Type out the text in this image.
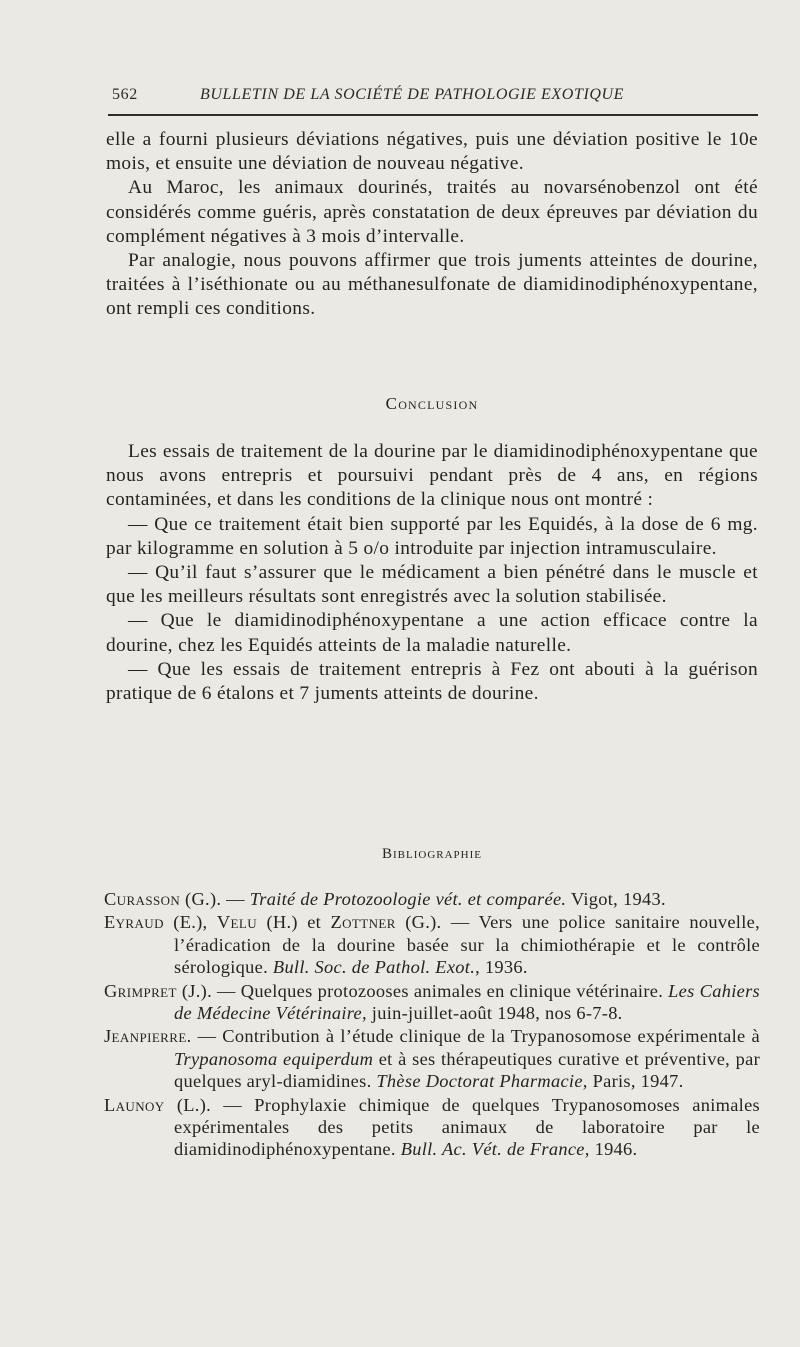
562	BULLETIN DE LA SOCIÉTÉ DE PATHOLOGIE EXOTIQUE

elle a fourni plusieurs déviations négatives, puis une déviation positive le 10e mois, et ensuite une déviation de nouveau négative.

Au Maroc, les animaux dourinés, traités au novarsénobenzol ont été considérés comme guéris, après constatation de deux épreuves par déviation du complément négatives à 3 mois d’intervalle.

Par analogie, nous pouvons affirmer que trois juments atteintes de dourine, traitées à l’iséthionate ou au méthanesulfonate de diamidinodiphénoxypentane, ont rempli ces conditions.

Conclusion

Les essais de traitement de la dourine par le diamidinodiphénoxypentane que nous avons entrepris et poursuivi pendant près de 4 ans, en régions contaminées, et dans les conditions de la clinique nous ont montré :

— Que ce traitement était bien supporté par les Equidés, à la dose de 6 mg. par kilogramme en solution à 5 o/o introduite par injection intramusculaire.

— Qu’il faut s’assurer que le médicament a bien pénétré dans le muscle et que les meilleurs résultats sont enregistrés avec la solution stabilisée.

— Que le diamidinodiphénoxypentane a une action efficace contre la dourine, chez les Equidés atteints de la maladie naturelle.

— Que les essais de traitement entrepris à Fez ont abouti à la guérison pratique de 6 étalons et 7 juments atteints de dourine.

Bibliographie

Curasson (G.). — Traité de Protozoologie vét. et comparée. Vigot, 1943.

Eyraud (E.), Velu (H.) et Zottner (G.). — Vers une police sanitaire nouvelle, l’éradication de la dourine basée sur la chimiothérapie et le contrôle sérologique. Bull. Soc. de Pathol. Exot., 1936.

Grimpret (J.). — Quelques protozooses animales en clinique vétérinaire. Les Cahiers de Médecine Vétérinaire, juin-juillet-août 1948, nos 6-7-8.

Jeanpierre. — Contribution à l’étude clinique de la Trypanosomose expérimentale à Trypanosoma equiperdum et à ses thérapeutiques curative et préventive, par quelques aryl-diamidines. Thèse Doctorat Pharmacie, Paris, 1947.

Launoy (L.). — Prophylaxie chimique de quelques Trypanosomoses animales expérimentales des petits animaux de laboratoire par le diamidinodiphénoxypentane. Bull. Ac. Vét. de France, 1946.
